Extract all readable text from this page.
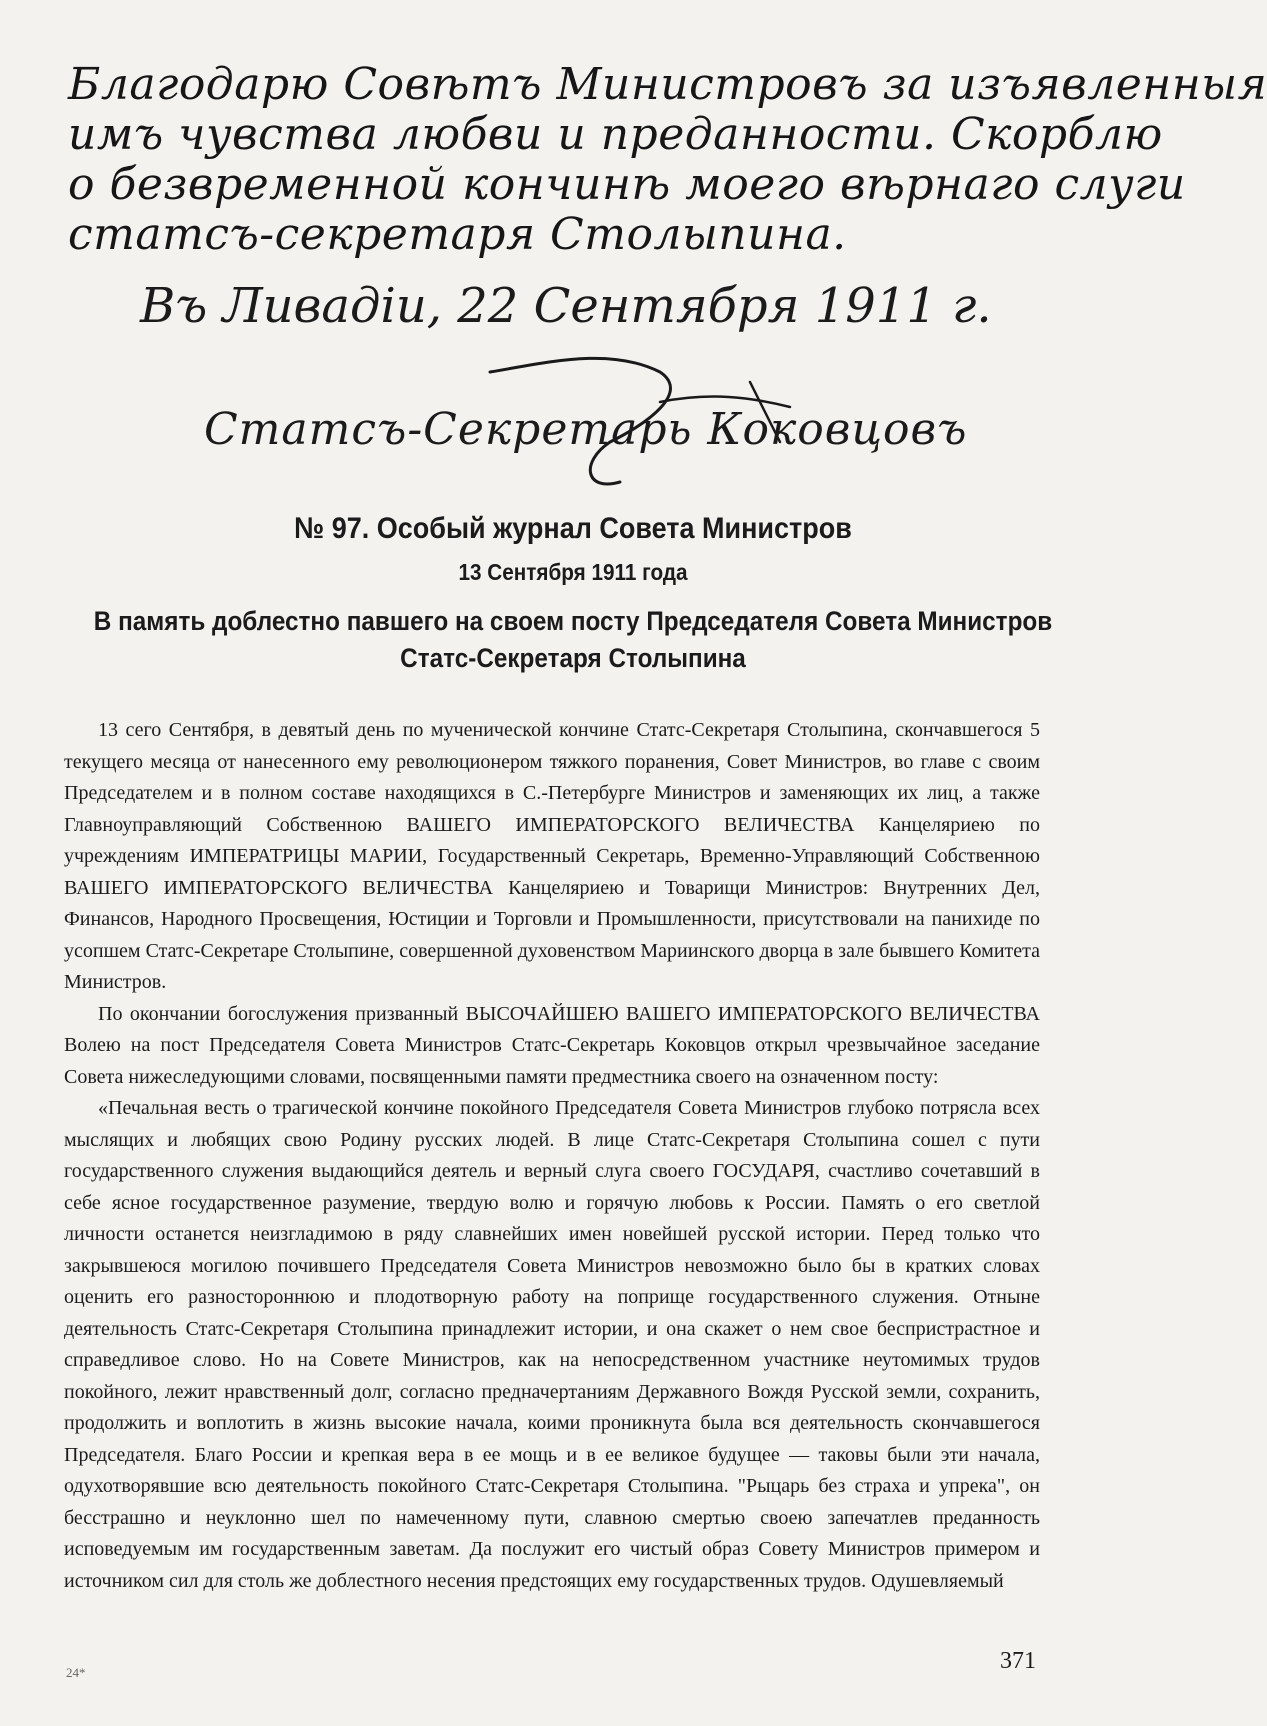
Благодарю Совѣтъ Министровъ за изъявленныя
имъ чувства любви и преданности. Скорблю
о безвременной кончинѣ моего вѣрнаго слуги
статсъ-секретаря Столыпина.
Въ Ливадіи, 22 Сентября 1911 г.
Статсъ-Секретарь Коковцовъ
№ 97. Особый журнал Совета Министров
13 Сентября 1911 года
В память доблестно павшего на своем посту Председателя Совета Министров
Статс-Секретаря Столыпина

13 сего Сентября, в девятый день по мученической кончине Статс-Секретаря Столыпина, скончавшегося 5 текущего месяца от нанесенного ему революционером тяжкого поранения, Совет Министров, во главе с своим Председателем и в полном составе находящихся в С.-Петербурге Министров и заменяющих их лиц, а также Главноуправляющий Собственною ВАШЕГО ИМПЕРАТОРСКОГО ВЕЛИЧЕСТВА Канцеляриею по учреждениям ИМПЕРАТРИЦЫ МАРИИ, Государственный Секретарь, Временно-Управляющий Собственною ВАШЕГО ИМПЕРАТОРСКОГО ВЕЛИЧЕСТВА Канцеляриею и Товарищи Министров: Внутренних Дел, Финансов, Народного Просвещения, Юстиции и Торговли и Промышленности, присутствовали на панихиде по усопшем Статс-Секретаре Столыпине, совершенной духовенством Мариинского дворца в зале бывшего Комитета Министров.

По окончании богослужения призванный ВЫСОЧАЙШЕЮ ВАШЕГО ИМПЕРАТОРСКОГО ВЕЛИЧЕСТВА Волею на пост Председателя Совета Министров Статс-Секретарь Коковцов открыл чрезвычайное заседание Совета нижеследующими словами, посвященными памяти предместника своего на означенном посту:

«Печальная весть о трагической кончине покойного Председателя Совета Министров глубоко потрясла всех мыслящих и любящих свою Родину русских людей. В лице Статс-Секретаря Столыпина сошел с пути государственного служения выдающийся деятель и верный слуга своего ГОСУДАРЯ, счастливо сочетавший в себе ясное государственное разумение, твердую волю и горячую любовь к России. Память о его светлой личности останется неизгладимою в ряду славнейших имен новейшей русской истории. Перед только что закрывшеюся могилою почившего Председателя Совета Министров невозможно было бы в кратких словах оценить его разностороннюю и плодотворную работу на поприще государственного служения. Отныне деятельность Статс-Секретаря Столыпина принадлежит истории, и она скажет о нем свое беспристрастное и справедливое слово. Но на Совете Министров, как на непосредственном участнике неутомимых трудов покойного, лежит нравственный долг, согласно предначертаниям Державного Вождя Русской земли, сохранить, продолжить и воплотить в жизнь высокие начала, коими проникнута была вся деятельность скончавшегося Председателя. Благо России и крепкая вера в ее мощь и в ее великое будущее — таковы были эти начала, одухотворявшие всю деятельность покойного Статс-Секретаря Столыпина. "Рыцарь без страха и упрека", он бесстрашно и неуклонно шел по намеченному пути, славною смертью своею запечатлев преданность исповедуемым им государственным заветам. Да послужит его чистый образ Совету Министров примером и источником сил для столь же доблестного несения предстоящих ему государственных трудов. Одушевляемый

24*	371
